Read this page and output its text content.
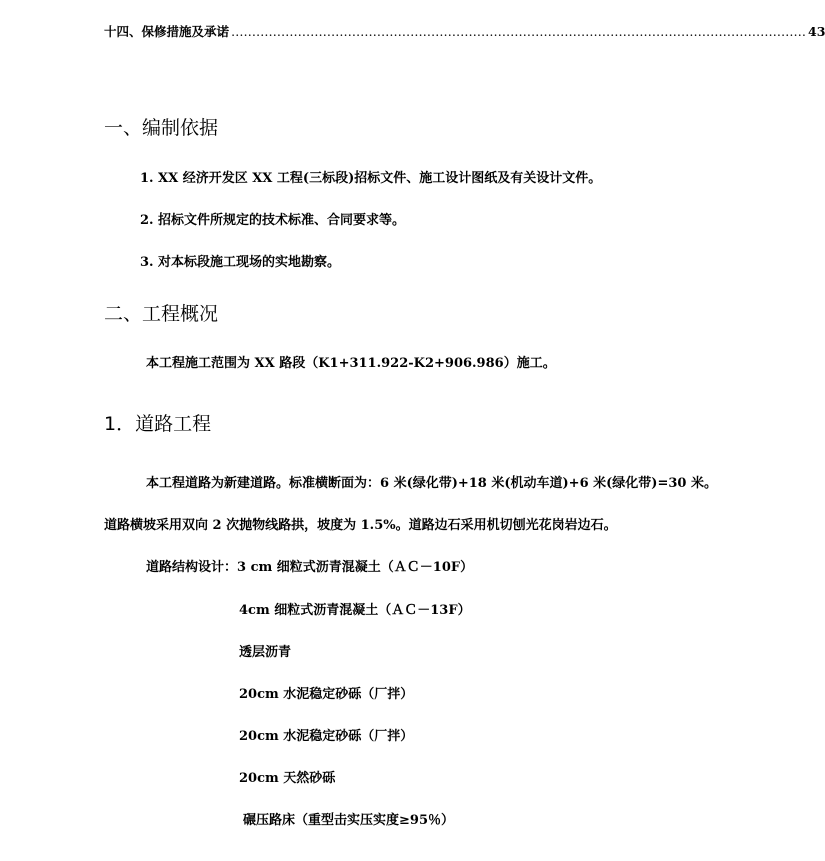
十四、保修措施及承诺 ………………………………………………………………………………………………………………………… 43
一、编制依据
1. XX 经济开发区 XX 工程(三标段)招标文件、施工设计图纸及有关设计文件。
2. 招标文件所规定的技术标准、合同要求等。
3. 对本标段施工现场的实地勘察。
二、工程概况
本工程施工范围为 XX 路段（K1+311.922-K2+906.986）施工。
1．道路工程
本工程道路为新建道路。标准横断面为：6 米(绿化带)+18 米(机动车道)+6 米(绿化带)=30 米。
道路横坡采用双向 2 次抛物线路拱，坡度为 1.5%。道路边石采用机切刨光花岗岩边石。
道路结构设计：3 cm 细粒式沥青混凝土（ＡＣ－10F）
4cm 细粒式沥青混凝土（ＡＣ－13F）
透层沥青
20cm 水泥稳定砂砾（厂拌）
20cm 水泥稳定砂砾（厂拌）
20cm 天然砂砾
碾压路床（重型击实压实度≥95％）
